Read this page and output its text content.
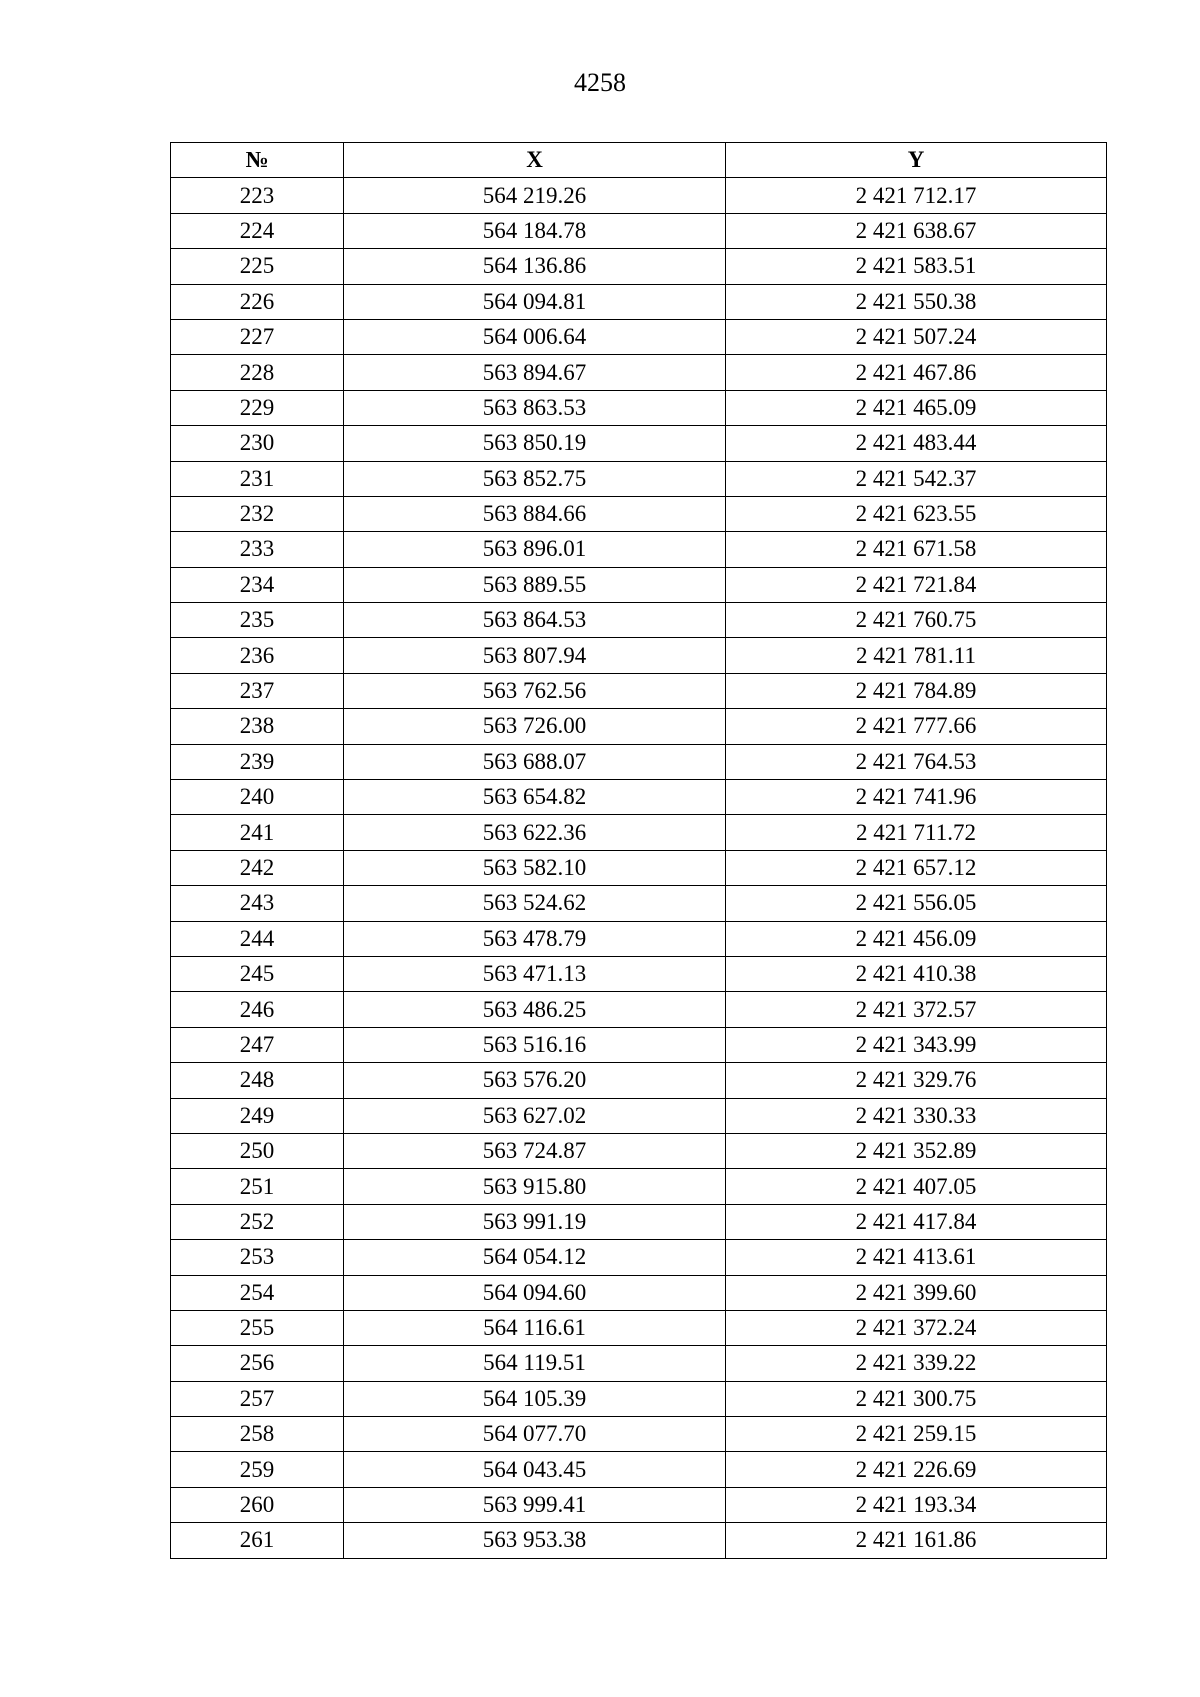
4258
№	X	Y
223	564 219.26	2 421 712.17
224	564 184.78	2 421 638.67
225	564 136.86	2 421 583.51
226	564 094.81	2 421 550.38
227	564 006.64	2 421 507.24
228	563 894.67	2 421 467.86
229	563 863.53	2 421 465.09
230	563 850.19	2 421 483.44
231	563 852.75	2 421 542.37
232	563 884.66	2 421 623.55
233	563 896.01	2 421 671.58
234	563 889.55	2 421 721.84
235	563 864.53	2 421 760.75
236	563 807.94	2 421 781.11
237	563 762.56	2 421 784.89
238	563 726.00	2 421 777.66
239	563 688.07	2 421 764.53
240	563 654.82	2 421 741.96
241	563 622.36	2 421 711.72
242	563 582.10	2 421 657.12
243	563 524.62	2 421 556.05
244	563 478.79	2 421 456.09
245	563 471.13	2 421 410.38
246	563 486.25	2 421 372.57
247	563 516.16	2 421 343.99
248	563 576.20	2 421 329.76
249	563 627.02	2 421 330.33
250	563 724.87	2 421 352.89
251	563 915.80	2 421 407.05
252	563 991.19	2 421 417.84
253	564 054.12	2 421 413.61
254	564 094.60	2 421 399.60
255	564 116.61	2 421 372.24
256	564 119.51	2 421 339.22
257	564 105.39	2 421 300.75
258	564 077.70	2 421 259.15
259	564 043.45	2 421 226.69
260	563 999.41	2 421 193.34
261	563 953.38	2 421 161.86
